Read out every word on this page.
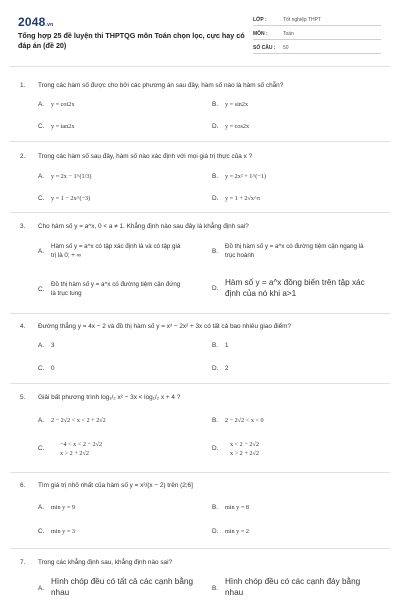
2048.vn
Tổng hợp 25 đề luyện thi THPTQG môn Toán chọn lọc, cực hay có đáp án (đề 20)
LỚP :	Tốt nghiệp THPT
MÔN :	Toán
SỐ CÂU : 50
1. Trong các hàm số được cho bởi các phương án sau đây, hàm số nào là hàm số chẵn?
A. y = cot2x	B. y = sin2x
C. y = tan2x	D. y = cos2x
2. Trong các hàm số sau đây, hàm số nào xác định với mọi giá trị thực của x ?
A. y = 2x − 1^(1/3)	B. y = 2x² + 1^(−1)
C. y = 1 − 2x^(−3)	D. y = 1 + 2√x^π
3. Cho hàm số y = a^x, 0 < a ≠ 1. Khẳng định nào sau đây là khẳng định sai?
A.
Hàm số y = a^x có tập xác định là và có tập giá trị là 0; + ∞
B.
Đồ thị hàm số y = a^x có đường tiệm cận ngang là trục hoành
C.
Đồ thị hàm số y = a^x có đường tiệm cận đứng là trục tung
D.
Hàm số y = a^x đồng biến trên tập xác định của nó khi a>1
4. Đường thẳng y = 4x − 2 và đồ thị hàm số y = x³ − 2x² + 3x có tất cả bao nhiêu giao điểm?
A. 3	B. 1
C. 0	D. 2
5. Giải bất phương trình log₁/₂ x² − 3x < log₁/₂ x + 4 ?
A. 2 − 2√2 < x < 2 + 2√2	B. 2 − 2√2 < x < 0
C.
−4 < x < 2 − 2√2
x > 2 + 2√2
D.
x < 2 − 2√2
x > 2 + 2√2
6. Tìm giá trị nhỏ nhất của hàm số y = x²/(x − 2) trên (2;6]
A. min y = 9	B. min y = 8
C. min y = 3	D. min y = 2
7. Trong các khẳng định sau, khẳng định nào sai?
A.
Hình chóp đều có tất cả các cạnh bằng nhau	B.
Hình chóp đều có các cạnh đáy bằng nhau
